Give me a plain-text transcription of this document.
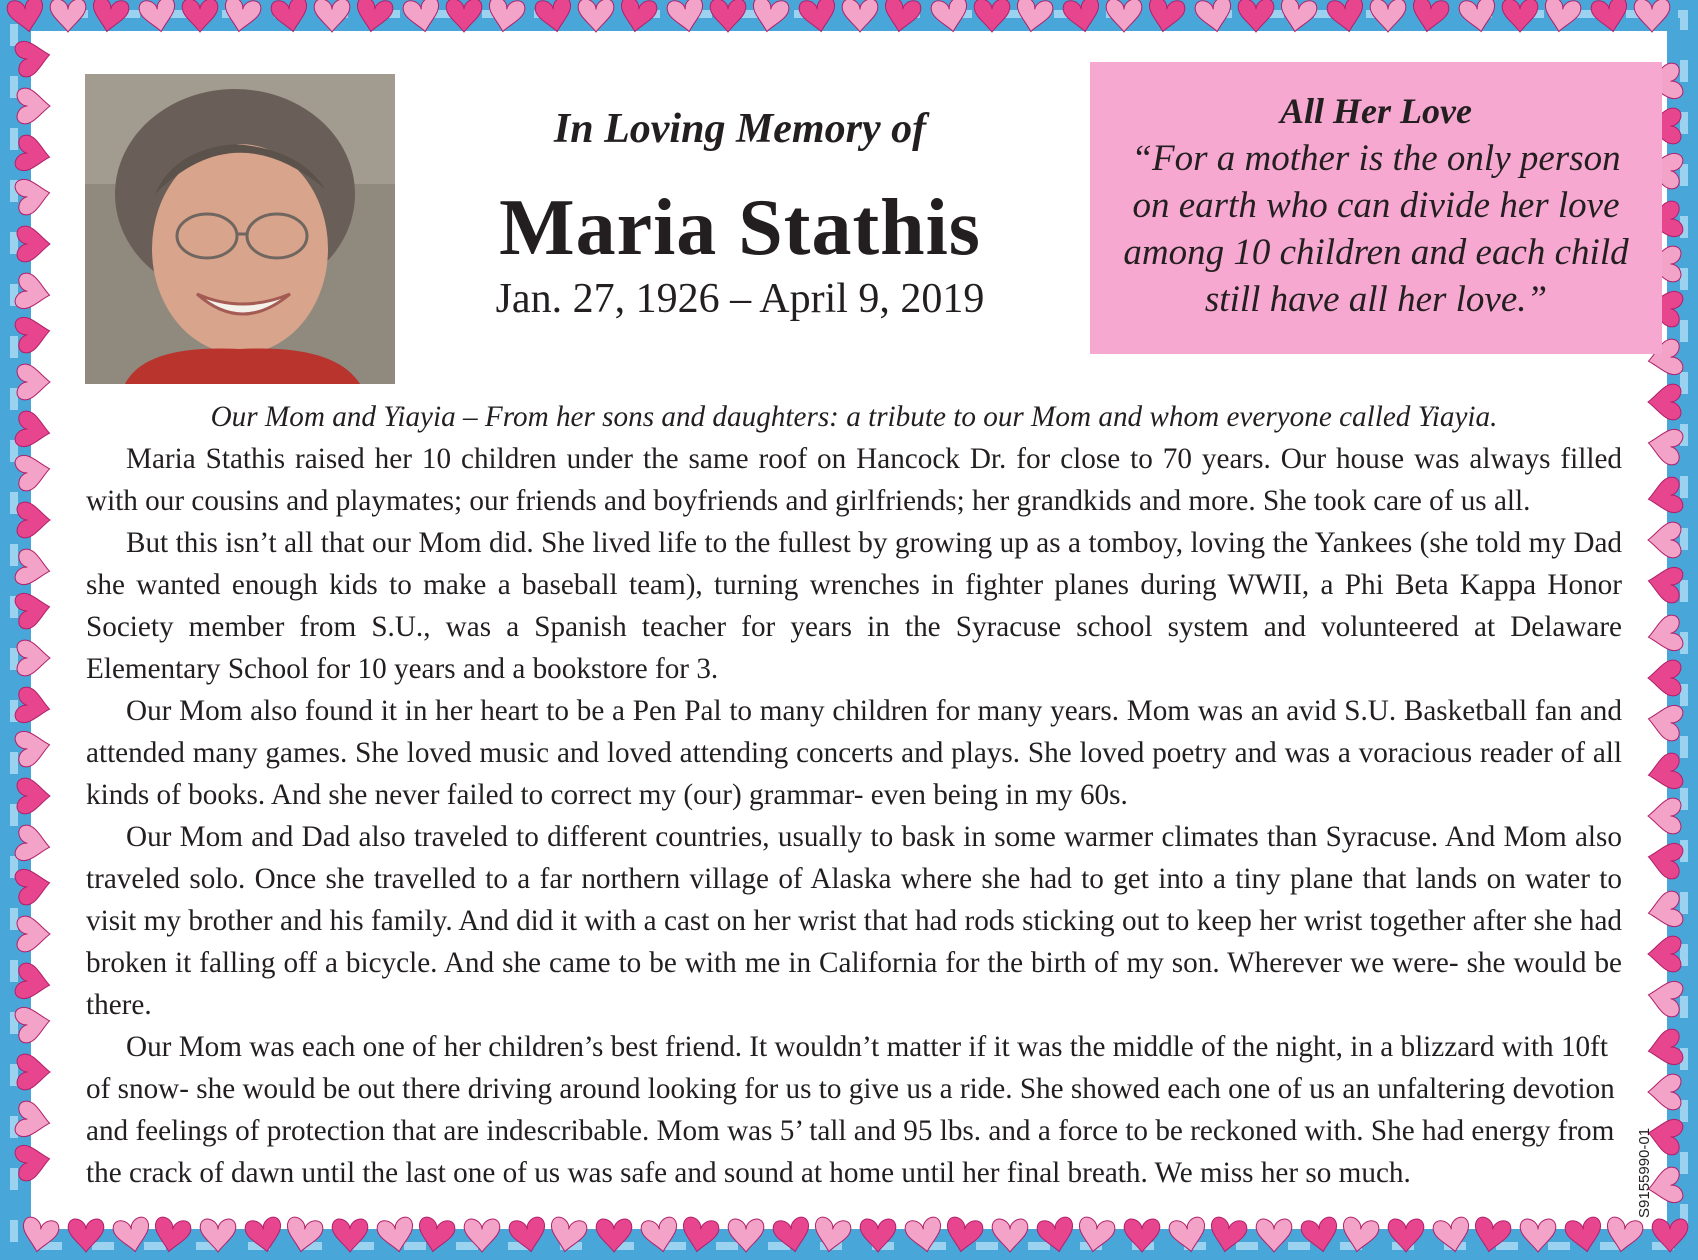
In Loving Memory of
Maria Stathis
Jan. 27, 1926 – April 9, 2019
All Her Love
“For a mother is the only person
on earth who can divide her love
among 10 children and each child
still have all her love.”

Our Mom and Yiayia – From her sons and daughters: a tribute to our Mom and whom everyone called Yiayia.

Maria Stathis raised her 10 children under the same roof on Hancock Dr. for close to 70 years. Our house was always filled with our cousins and playmates; our friends and boyfriends and girlfriends; her grandkids and more. She took care of us all.

But this isn’t all that our Mom did. She lived life to the fullest by growing up as a tomboy, loving the Yankees (she told my Dad she wanted enough kids to make a baseball team), turning wrenches in fighter planes during WWII, a Phi Beta Kappa Honor Society member from S.U., was a Spanish teacher for years in the Syracuse school system and volunteered at Delaware Elementary School for 10 years and a bookstore for 3.

Our Mom also found it in her heart to be a Pen Pal to many children for many years. Mom was an avid S.U. Basketball fan and attended many games. She loved music and loved attending concerts and plays. She loved poetry and was a voracious reader of all kinds of books. And she never failed to correct my (our) grammar- even being in my 60s.

Our Mom and Dad also traveled to different countries, usually to bask in some warmer climates than Syracuse. And Mom also traveled solo. Once she travelled to a far northern village of Alaska where she had to get into a tiny plane that lands on water to visit my brother and his family. And did it with a cast on her wrist that had rods sticking out to keep her wrist together after she had broken it falling off a bicycle. And she came to be with me in California for the birth of my son. Wherever we were- she would be there.

Our Mom was each one of her children’s best friend. It wouldn’t matter if it was the middle of the night, in a blizzard with 10ft of snow- she would be out there driving around looking for us to give us a ride. She showed each one of us an unfaltering devotion and feelings of protection that are indescribable. Mom was 5’ tall and 95 lbs. and a force to be reckoned with. She had energy from the crack of dawn until the last one of us was safe and sound at home until her final breath. We miss her so much.	S9155990-01
